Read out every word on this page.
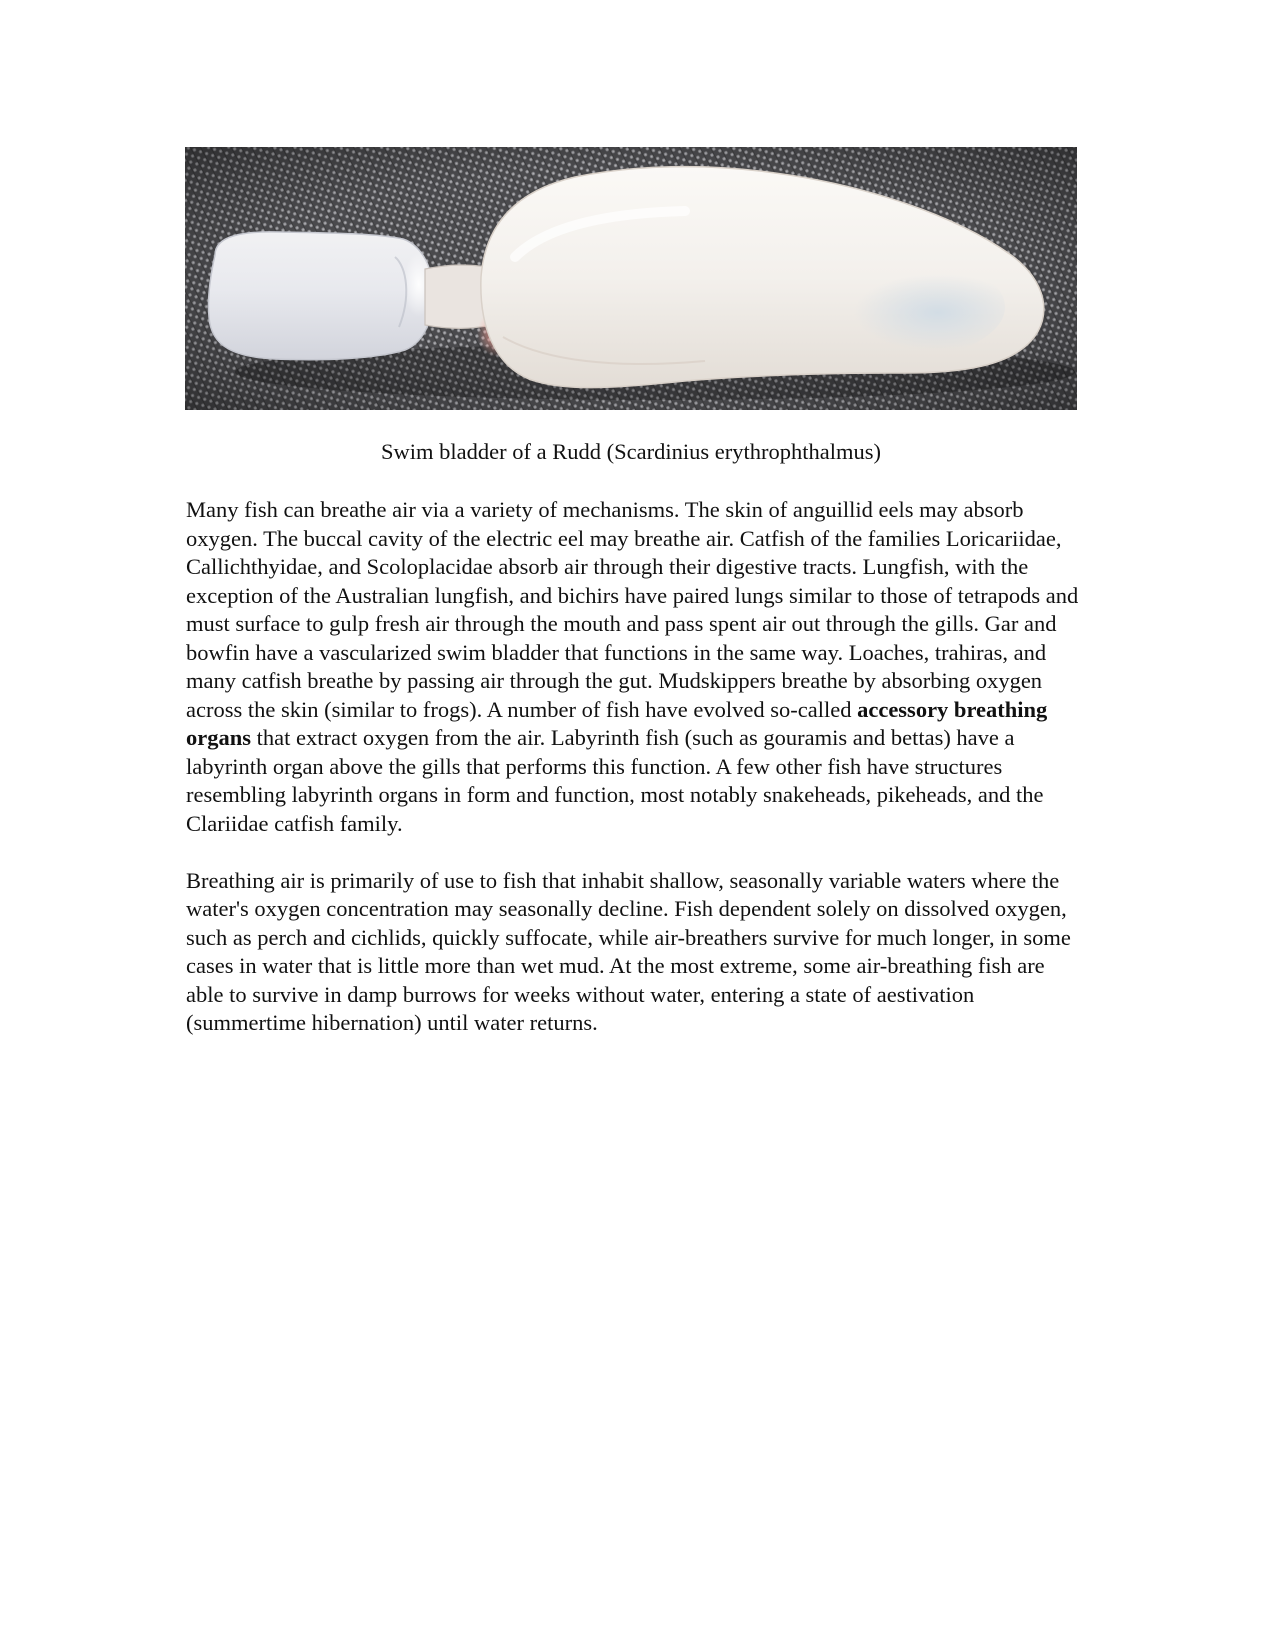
Swim bladder of a Rudd (Scardinius erythrophthalmus)

Many fish can breathe air via a variety of mechanisms. The skin of anguillid eels may absorb oxygen. The buccal cavity of the electric eel may breathe air. Catfish of the families Loricariidae, Callichthyidae, and Scoloplacidae absorb air through their digestive tracts. Lungfish, with the exception of the Australian lungfish, and bichirs have paired lungs similar to those of tetrapods and must surface to gulp fresh air through the mouth and pass spent air out through the gills. Gar and bowfin have a vascularized swim bladder that functions in the same way. Loaches, trahiras, and many catfish breathe by passing air through the gut. Mudskippers breathe by absorbing oxygen across the skin (similar to frogs). A number of fish have evolved so-called accessory breathing organs that extract oxygen from the air. Labyrinth fish (such as gouramis and bettas) have a labyrinth organ above the gills that performs this function. A few other fish have structures resembling labyrinth organs in form and function, most notably snakeheads, pikeheads, and the Clariidae catfish family.

Breathing air is primarily of use to fish that inhabit shallow, seasonally variable waters where the water's oxygen concentration may seasonally decline. Fish dependent solely on dissolved oxygen, such as perch and cichlids, quickly suffocate, while air-breathers survive for much longer, in some cases in water that is little more than wet mud. At the most extreme, some air-breathing fish are able to survive in damp burrows for weeks without water, entering a state of aestivation (summertime hibernation) until water returns.
